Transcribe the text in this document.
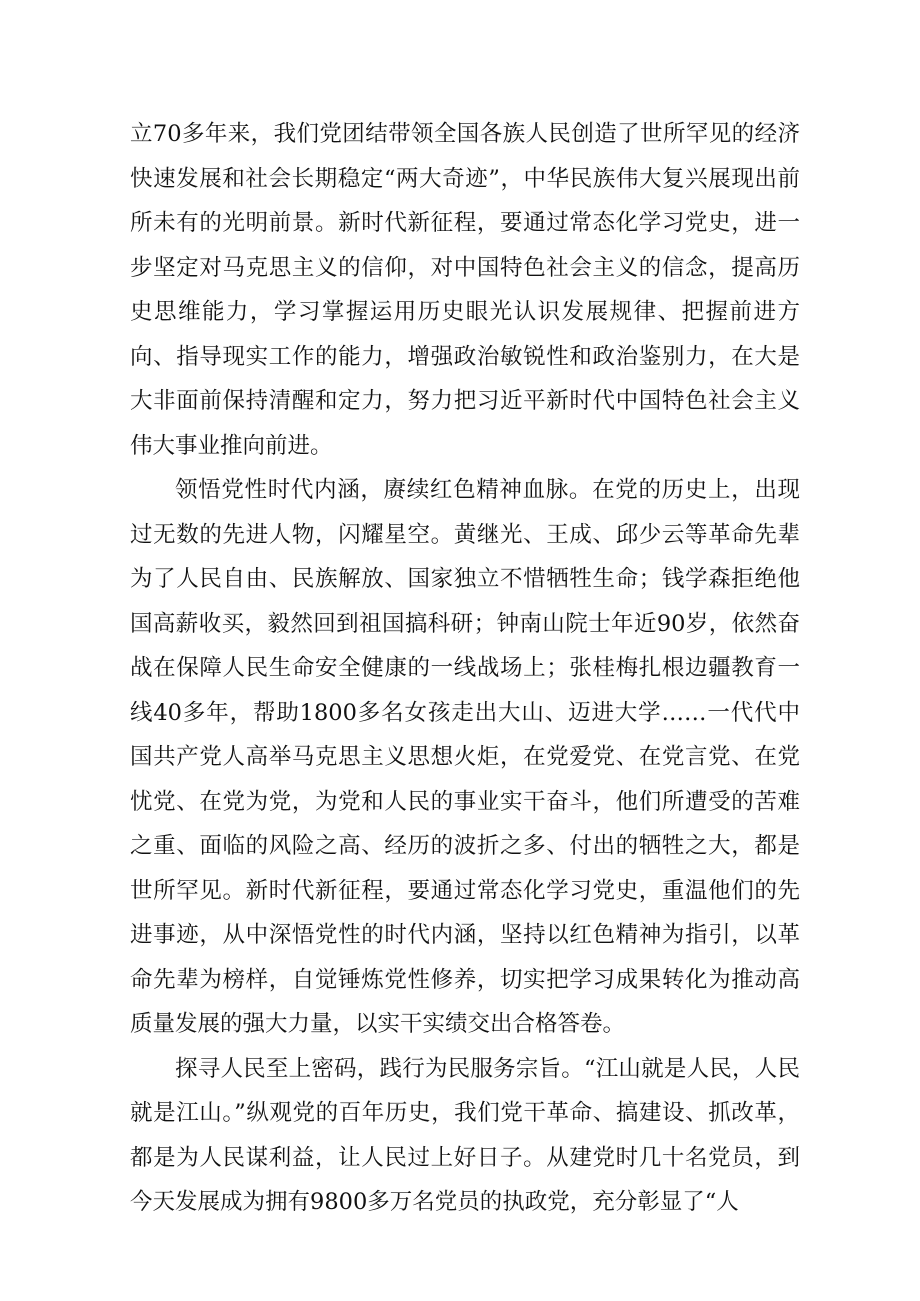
立70多年来，我们党团结带领全国各族人民创造了世所罕见的经济快速发展和社会长期稳定“两大奇迹”，中华民族伟大复兴展现出前所未有的光明前景。新时代新征程，要通过常态化学习党史，进一步坚定对马克思主义的信仰，对中国特色社会主义的信念，提高历史思维能力，学习掌握运用历史眼光认识发展规律、把握前进方向、指导现实工作的能力，增强政治敏锐性和政治鉴别力，在大是大非面前保持清醒和定力，努力把习近平新时代中国特色社会主义伟大事业推向前进。

领悟党性时代内涵，赓续红色精神血脉。在党的历史上，出现过无数的先进人物，闪耀星空。黄继光、王成、邱少云等革命先辈为了人民自由、民族解放、国家独立不惜牺牲生命；钱学森拒绝他国高薪收买，毅然回到祖国搞科研；钟南山院士年近90岁，依然奋战在保障人民生命安全健康的一线战场上；张桂梅扎根边疆教育一线40多年，帮助1800多名女孩走出大山、迈进大学……一代代中国共产党人高举马克思主义思想火炬，在党爱党、在党言党、在党忧党、在党为党，为党和人民的事业实干奋斗，他们所遭受的苦难之重、面临的风险之高、经历的波折之多、付出的牺牲之大，都是世所罕见。新时代新征程，要通过常态化学习党史，重温他们的先进事迹，从中深悟党性的时代内涵，坚持以红色精神为指引，以革命先辈为榜样，自觉锤炼党性修养，切实把学习成果转化为推动高质量发展的强大力量，以实干实绩交出合格答卷。

探寻人民至上密码，践行为民服务宗旨。“江山就是人民，人民就是江山。”纵观党的百年历史，我们党干革命、搞建设、抓改革，都是为人民谋利益，让人民过上好日子。从建党时几十名党员，到今天发展成为拥有9800多万名党员的执政党，充分彰显了“人
